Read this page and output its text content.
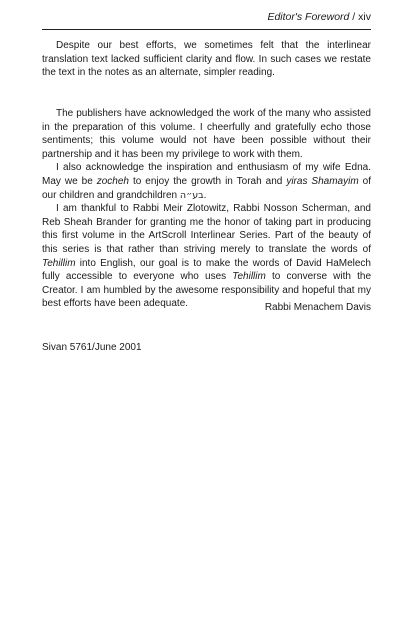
Editor's Foreword / xiv

Despite our best efforts, we sometimes felt that the interlinear translation text lacked sufficient clarity and flow. In such cases we restate the text in the notes as an alternate, simpler reading.

The publishers have acknowledged the work of the many who assisted in the preparation of this volume. I cheerfully and gratefully echo those sentiments; this volume would not have been possible without their partnership and it has been my privilege to work with them.

I also acknowledge the inspiration and enthusiasm of my wife Edna. May we be zocheh to enjoy the growth in Torah and yiras Shamayim of our children and grandchildren בע״ה.

I am thankful to Rabbi Meir Zlotowitz, Rabbi Nosson Scherman, and Reb Sheah Brander for granting me the honor of taking part in producing this first volume in the ArtScroll Interlinear Series. Part of the beauty of this series is that rather than striving merely to translate the words of Tehillim into English, our goal is to make the words of David HaMelech fully accessible to everyone who uses Tehillim to converse with the Creator. I am humbled by the awesome responsibility and hopeful that my best efforts have been adequate.	Rabbi Menachem Davis
Sivan 5761/June 2001
